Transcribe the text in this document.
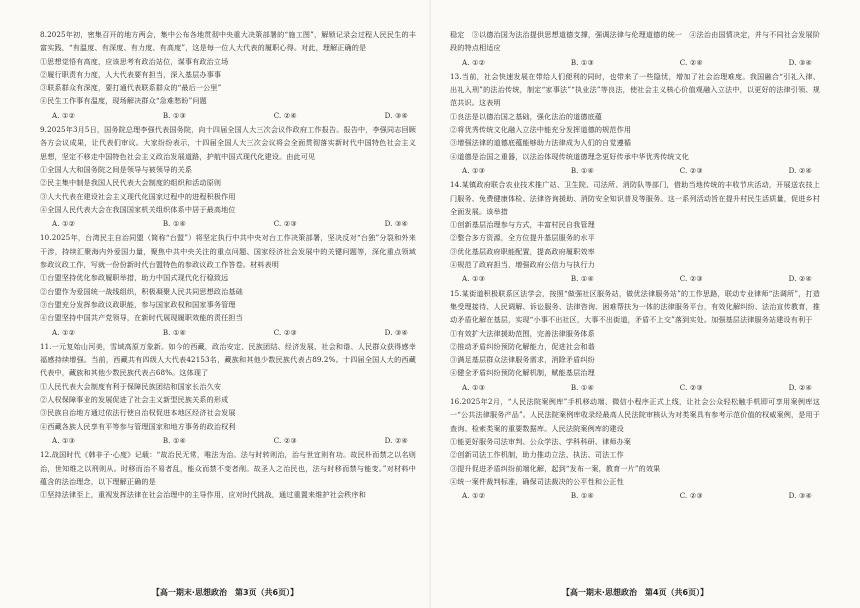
8.2025年初，密集召开的地方两会，集中公布各地贯彻中央重大决策部署的“施工图”，解锁记录会过程人民民生的丰富实践，“有温度、有深度、有力度、有高度”，这是每一位人大代表的履职心得。对此，理解正确的是
①思想觉悟有高度，应该思考有政治站位，谋事有政治立场
②履行职责有力度，人大代表要有担当，深入基层办事事
③联系群众有深度，要打通代表联系群众的“最后一公里”
④民生工作事有温度，现场解决群众“急难愁盼”问题
A. ①②	B. ①③	C. ②④	D. ③④
9.2025年3月5日，国务院总理李强代表国务院，向十四届全国人大三次会议作政府工作报告。报告中，李强同志回顾各方会议成果，让代表们审议。大家纷纷表示，十四届全国人大三次会议将会全面贯彻落实新时代中国特色社会主义思想，坚定不移走中国特色社会主义政治发展道路，护航中国式现代化建设。由此可见
①全国人大和国务院之间是领导与被领导的关系
②民主集中制是我国人民代表大会制度的组织和活动原则
③人大代表在建设社会主义现代化国家过程中的进程积极作用
④全国人民代表大会在我国国家机关组织体系中居于最高地位
A. ①②	B. ①④	C. ②③	D. ③④
10.2025年，台湾民主自治同盟（简称“台盟”）将坚定执行中共中央对台工作决策部署，坚决反对“台独”分裂和外来干涉，持续汇聚海内外爱国力量，聚焦中共中央关注的重点问题、国家经济社会发展中的关键问题等，深化重点领域参政议政工作，写就一份份新时代台盟特色的参政议政工作答卷。材料表明
①台盟坚持优化参政履职举措，助力中国式现代化行稳致远
②台盟作为爱国统一战线组织，积极凝聚人民共同思想政治基础
③台盟充分发挥参政议政职能，参与国家政权和国家事务管理
④台盟坚持中国共产党领导，在新时代展现履职效能的责任担当
A. ①②	B. ①④	C. ②③	D. ③④
11.一元复始山河美，雪域高原万象新。如今的西藏，政治安定、民族团结、经济发展、社会和谐、人民群众获得感幸福感持续增强。当前，西藏共有四级人大代表42153名，藏族和其他少数民族代表占89.2%。十四届全国人大的西藏代表中，藏族和其他少数民族代表占68%。这体现了
①人民代表大会制度有利于保障民族团结和国家长治久安
②人权保障事业的发展促进了社会主义新型民族关系的形成
③民族自治地方通过依法行使自治权促进本地区经济社会发展
④西藏各族人民享有平等参与管理国家和地方事务的政治权利
A. ①③	B. ①④	C. ②③	D. ②④
12.战国时代《韩非子·心度》记载：“故治民无常，唯法为治。法与时转则治，治与世宜则有功。故民朴而禁之以名则治，世知维之以刑则从。时移而治不易者乱，能众而禁不变者削。故圣人之治民也，法与时移而禁与能变。”对材料中蕴含的法治理念，以下理解正确的是
①坚持法律至上，重视发挥法律在社会治理中的主导作用，应对时代挑战，通过重置来维护社会秩序和
【高一期末·思想政治　第3页（共6页）】
稳定　③以德治国为法治提供思想道德支撑，强调法律与伦理道德的统一　④法治由国情决定，并与不同社会发展阶段的特点相适应
A. ①②	B. ①③	C. ②④	D. ③④
13.当前，社会快速发展在带给人们便利的同时，也带来了一些隐忧，增加了社会治理难度。我国融合“引礼入律、出礼入刑”的法治传统，制定“家事法”“执业法”等良法，使社会主义核心价值观融入立法中，以更好的法律引领、规范共识。这表明
①良法是以德治国之基础，强化法治的道德底蕴
②将优秀传统文化融入立法中能充分发挥道德的规范作用
③增强法律的道德底蕴能够助力法律成为人们的自觉遵循
④道德是治国之重器，以法治体现传统道德理念更好传承中华优秀传统文化
A. ①③	B. ①④	C. ②③	D. ②④
14.某镇政府联合农业技术推广站、卫生院、司法所、消防队等部门，借助当地传统的丰收节庆活动，开展送农技上门服务、免费健康体检、法律咨询援助、消防安全知识普及等服务。这一系列活动旨在提升村民生活质量，促进乡村全面发展。该举措
①创新基层治理参与方式，丰富村民自我管理
②整合多方资源，全方位提升基层服务的水平
③优化基层政府职能配置，提高政府履职效率
④规范了政府担当，增强政府公信力与执行力
A. ①③	B. ①④	C. ②③	D. ②④
15.某街道积极联系区法学会，按照“做强社区服务站，做优法律服务站”的工作思路，联动专业律师“法调所”，打造集受理接待、人民调解、诉讼服务、法律咨询、困难帮扶为一体的法律服务平台，有效化解纠纷、法治宣传教育，推动矛盾化解在基层，实现“小事不出社区，大事不出街道，矛盾不上交”落到实处。加强基层法律服务站建设有利于
①有效扩大法律援助范围，完善法律服务体系
②推动矛盾纠纷预防化解能力，促进社会和谐
③满足基层群众法律服务需求，消除矛盾纠纷
④健全矛盾纠纷预防化解机制，赋能基层治理
A. ①③	B. ①④	C. ②③	D. ②④
16.2025年2月，“人民法院案例库”手机移动端、微信小程序正式上线，让社会公众轻松触手机即可享用案例库这一“公共法律服务产品”。人民法院案例库收录经最高人民法院审核认为对类案具有参考示范价值的权威案例，是用于查询、检索类案的重要数据库。人民法院案例库的建设
①能更好服务司法审判、公众学法、学科科研、律师办案
②创新司法工作机制，助力推动立法、执法、司法工作
③提升促进矛盾纠纷前端化解，起到“发布一案，教育一片”的效果
④统一案件裁判标准，确保司法裁决的公平性和公正性
A. ①②	B. ①④	C. ②③	D. ③④
【高一期末·思想政治　第4页（共6页）】
